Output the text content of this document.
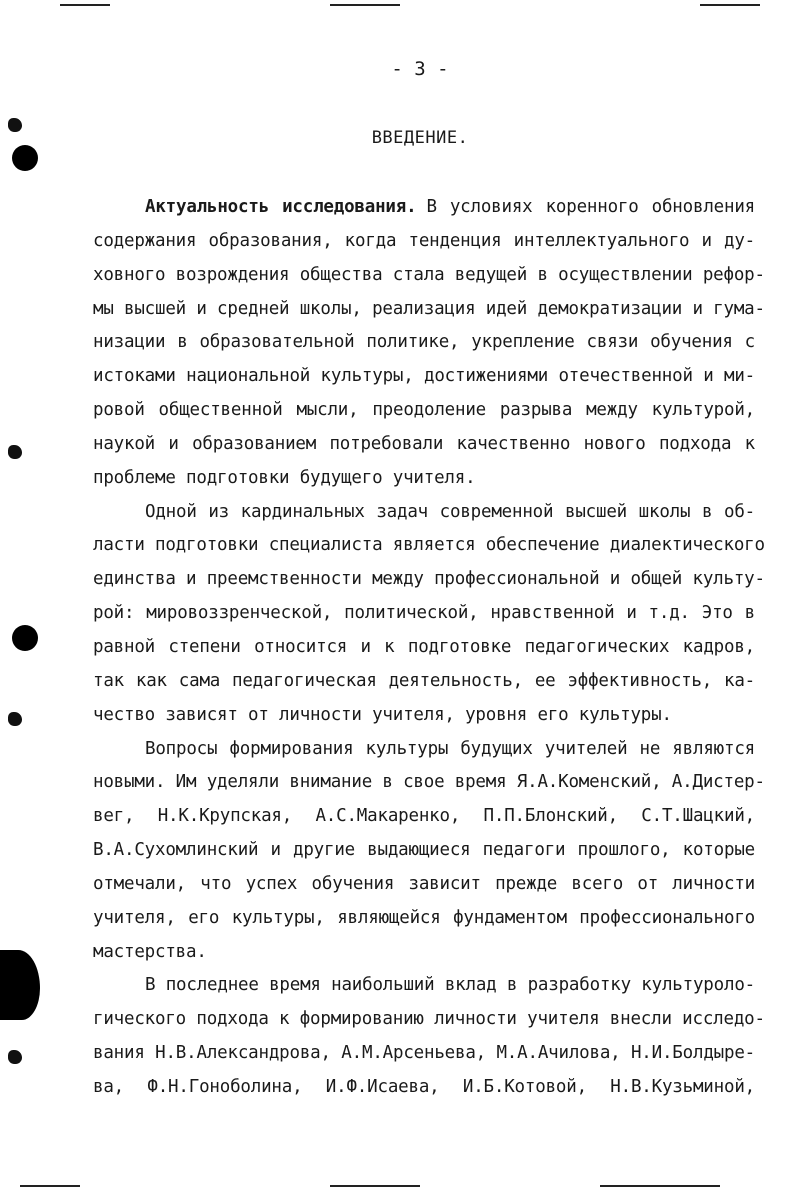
- 3 -
ВВЕДЕНИЕ.
Актуальность исследования. В условиях коренного обновления
содержания образования, когда тенденция интеллектуального и ду-
ховного возрождения общества стала ведущей в осуществлении рефор-
мы высшей и средней школы, реализация идей демократизации и гума-
низации в образовательной политике, укрепление связи обучения с
истоками национальной культуры, достижениями отечественной и ми-
ровой общественной мысли, преодоление разрыва между культурой,
наукой и образованием потребовали качественно нового подхода к
проблеме подготовки будущего учителя.
Одной из кардинальных задач современной высшей школы в об-
ласти подготовки специалиста является обеспечение диалектического
единства и преемственности между профессиональной и общей культу-
рой: мировоззренческой, политической, нравственной и т.д. Это в
равной степени относится и к подготовке педагогических кадров,
так как сама педагогическая деятельность, ее эффективность, ка-
чество зависят от личности учителя, уровня его культуры.
Вопросы формирования культуры будущих учителей не являются
новыми. Им уделяли внимание в свое время Я.А.Коменский, А.Дистер-
вег, Н.К.Крупская, А.С.Макаренко, П.П.Блонский, С.Т.Шацкий,
В.А.Сухомлинский и другие выдающиеся педагоги прошлого, которые
отмечали, что успех обучения зависит прежде всего от личности
учителя, его культуры, являющейся фундаментом профессионального
мастерства.
В последнее время наибольший вклад в разработку культуроло-
гического подхода к формированию личности учителя внесли исследо-
вания Н.В.Александрова, А.М.Арсеньева, М.А.Ачилова, Н.И.Болдыре-
ва, Ф.Н.Гоноболина, И.Ф.Исаева, И.Б.Котовой, Н.В.Кузьминой,
